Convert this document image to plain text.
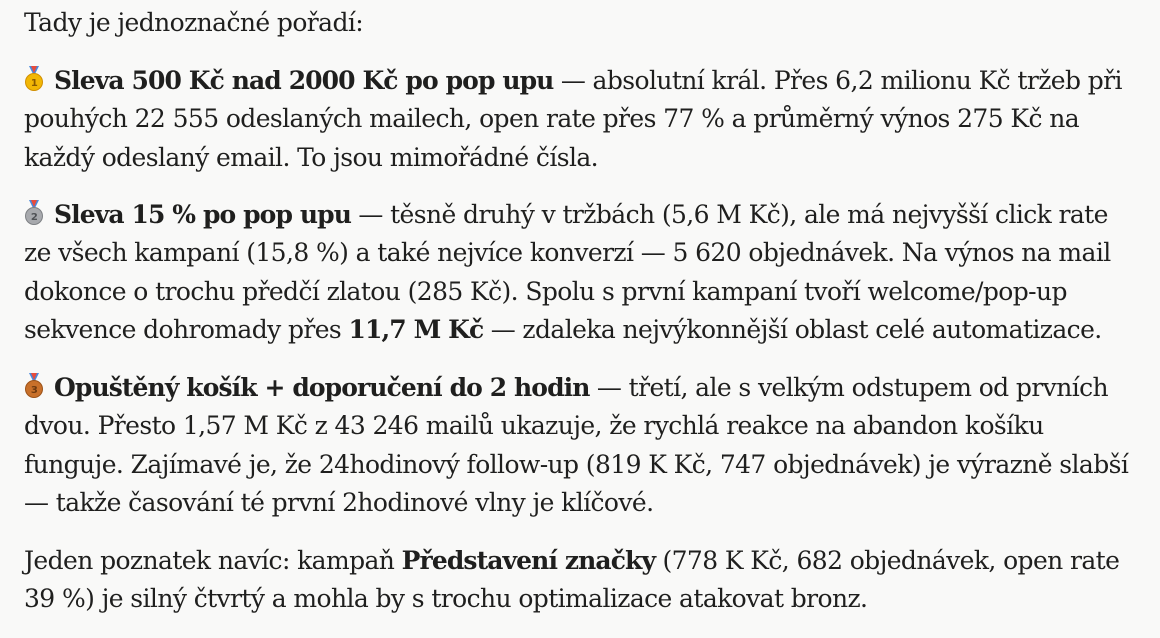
Tady je jednoznačné pořadí:

1 Sleva 500 Kč nad 2000 Kč po pop upu — absolutní král. Přes 6,2 milionu Kč tržeb při pouhých 22 555 odeslaných mailech, open rate přes 77 % a průměrný výnos 275 Kč na každý odeslaný email. To jsou mimořádné čísla.

2 Sleva 15 % po pop upu — těsně druhý v tržbách (5,6 M Kč), ale má nejvyšší click rate ze všech kampaní (15,8 %) a také nejvíce konverzí — 5 620 objednávek. Na výnos na mail dokonce o trochu předčí zlatou (285 Kč). Spolu s první kampaní tvoří welcome/pop-up sekvence dohromady přes 11,7 M Kč — zdaleka nejvýkonnější oblast celé automatizace.

3 Opuštěný košík + doporučení do 2 hodin — třetí, ale s velkým odstupem od prvních dvou. Přesto 1,57 M Kč z 43 246 mailů ukazuje, že rychlá reakce na abandon košíku funguje. Zajímavé je, že 24hodinový follow-up (819 K Kč, 747 objednávek) je výrazně slabší — takže časování té první 2hodinové vlny je klíčové.

Jeden poznatek navíc: kampaň Představení značky (778 K Kč, 682 objednávek, open rate 39 %) je silný čtvrtý a mohla by s trochu optimalizace atakovat bronz.
